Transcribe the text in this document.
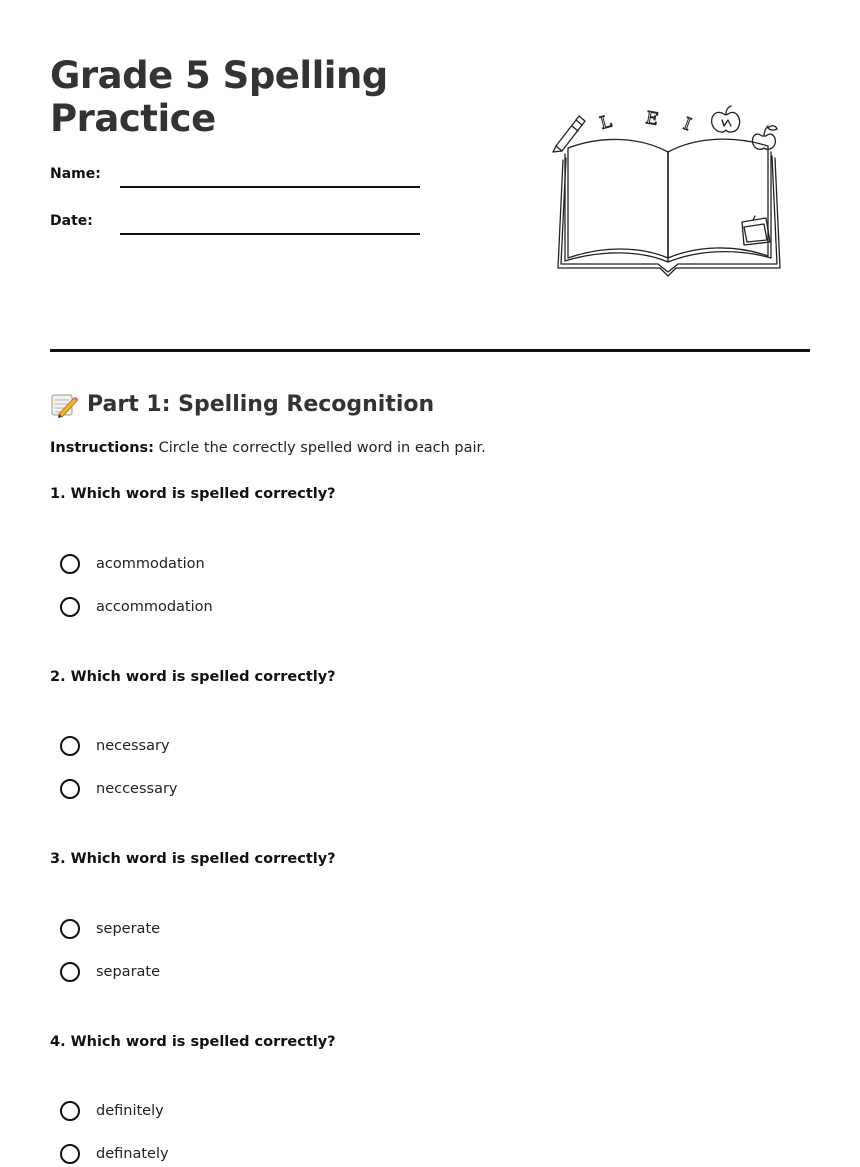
Grade 5 Spelling Practice
Name:
Date:
L E I
Part 1: Spelling Recognition
Instructions: Circle the correctly spelled word in each pair.
1. Which word is spelled correctly?
acommodation
accommodation
2. Which word is spelled correctly?
necessary
neccessary
3. Which word is spelled correctly?
seperate
separate
4. Which word is spelled correctly?
definitely
definately
